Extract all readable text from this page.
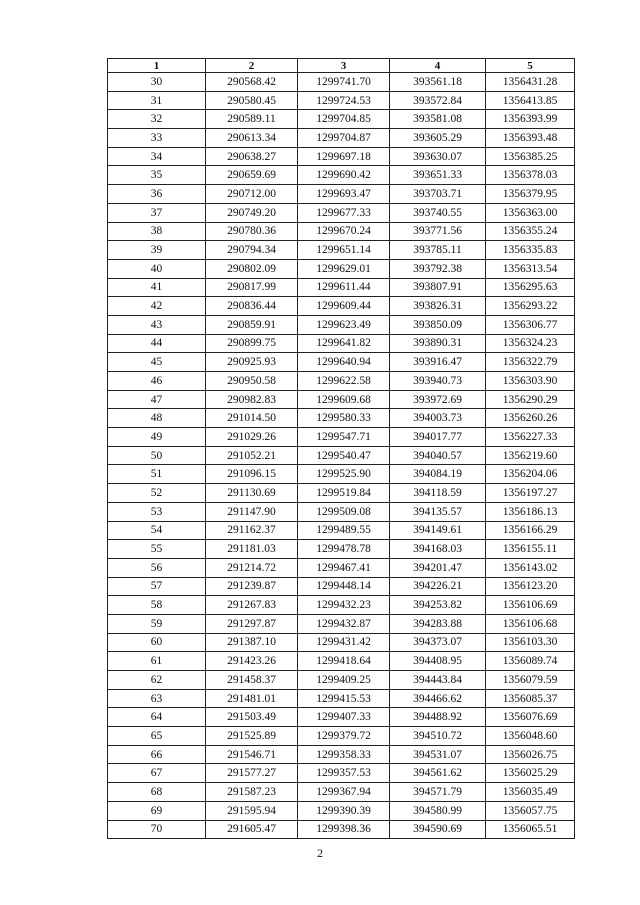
1	2	3	4	5
30	290568.42	1299741.70	393561.18	1356431.28
31	290580.45	1299724.53	393572.84	1356413.85
32	290589.11	1299704.85	393581.08	1356393.99
33	290613.34	1299704.87	393605.29	1356393.48
34	290638.27	1299697.18	393630.07	1356385.25
35	290659.69	1299690.42	393651.33	1356378.03
36	290712.00	1299693.47	393703.71	1356379.95
37	290749.20	1299677.33	393740.55	1356363.00
38	290780.36	1299670.24	393771.56	1356355.24
39	290794.34	1299651.14	393785.11	1356335.83
40	290802.09	1299629.01	393792.38	1356313.54
41	290817.99	1299611.44	393807.91	1356295.63
42	290836.44	1299609.44	393826.31	1356293.22
43	290859.91	1299623.49	393850.09	1356306.77
44	290899.75	1299641.82	393890.31	1356324.23
45	290925.93	1299640.94	393916.47	1356322.79
46	290950.58	1299622.58	393940.73	1356303.90
47	290982.83	1299609.68	393972.69	1356290.29
48	291014.50	1299580.33	394003.73	1356260.26
49	291029.26	1299547.71	394017.77	1356227.33
50	291052.21	1299540.47	394040.57	1356219.60
51	291096.15	1299525.90	394084.19	1356204.06
52	291130.69	1299519.84	394118.59	1356197.27
53	291147.90	1299509.08	394135.57	1356186.13
54	291162.37	1299489.55	394149.61	1356166.29
55	291181.03	1299478.78	394168.03	1356155.11
56	291214.72	1299467.41	394201.47	1356143.02
57	291239.87	1299448.14	394226.21	1356123.20
58	291267.83	1299432.23	394253.82	1356106.69
59	291297.87	1299432.87	394283.88	1356106.68
60	291387.10	1299431.42	394373.07	1356103.30
61	291423.26	1299418.64	394408.95	1356089.74
62	291458.37	1299409.25	394443.84	1356079.59
63	291481.01	1299415.53	394466.62	1356085.37
64	291503.49	1299407.33	394488.92	1356076.69
65	291525.89	1299379.72	394510.72	1356048.60
66	291546.71	1299358.33	394531.07	1356026.75
67	291577.27	1299357.53	394561.62	1356025.29
68	291587.23	1299367.94	394571.79	1356035.49
69	291595.94	1299390.39	394580.99	1356057.75
70	291605.47	1299398.36	394590.69	1356065.51
2
